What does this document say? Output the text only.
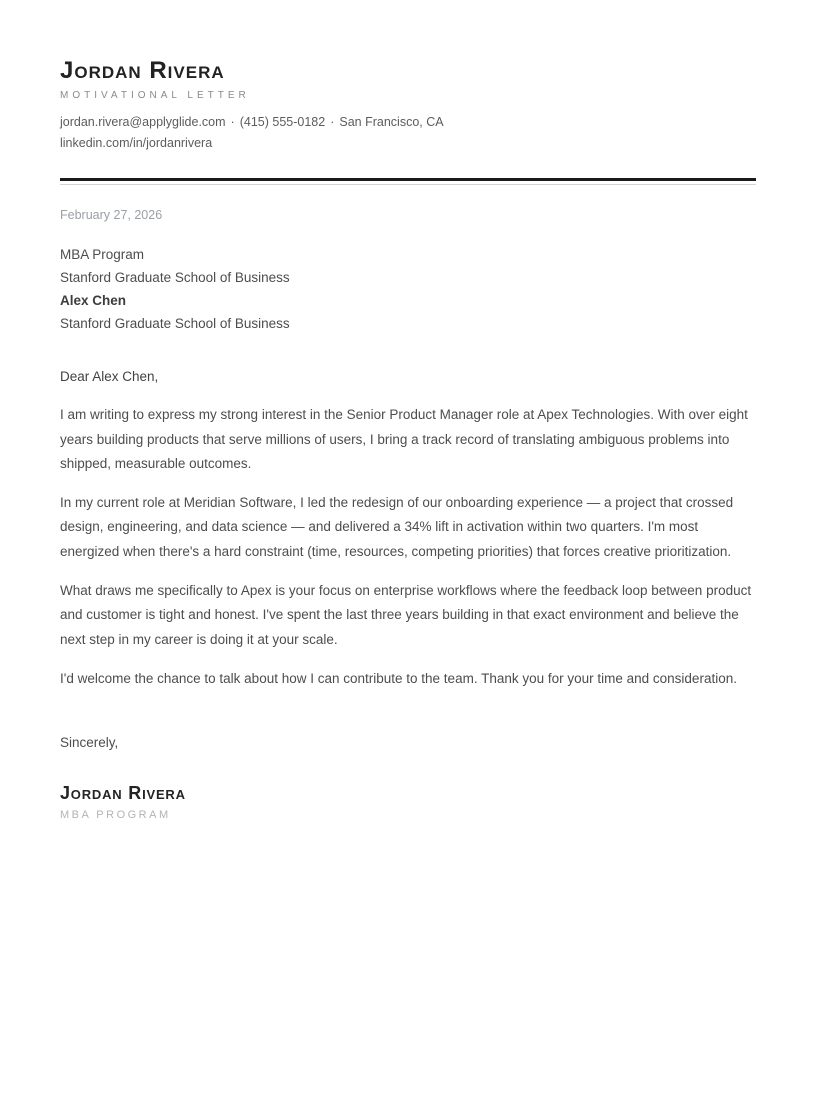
Jordan Rivera
MOTIVATIONAL LETTER
jordan.rivera@applyglide.com · (415) 555-0182 · San Francisco, CA
linkedin.com/in/jordanrivera
February 27, 2026
MBA Program
Stanford Graduate School of Business
Alex Chen
Stanford Graduate School of Business

Dear Alex Chen,

I am writing to express my strong interest in the Senior Product Manager role at Apex Technologies. With over eight years building products that serve millions of users, I bring a track record of translating ambiguous problems into shipped, measurable outcomes.

In my current role at Meridian Software, I led the redesign of our onboarding experience — a project that crossed design, engineering, and data science — and delivered a 34% lift in activation within two quarters. I'm most energized when there's a hard constraint (time, resources, competing priorities) that forces creative prioritization.

What draws me specifically to Apex is your focus on enterprise workflows where the feedback loop between product and customer is tight and honest. I've spent the last three years building in that exact environment and believe the next step in my career is doing it at your scale.

I'd welcome the chance to talk about how I can contribute to the team. Thank you for your time and consideration.

Sincerely,

Jordan Rivera
MBA PROGRAM
